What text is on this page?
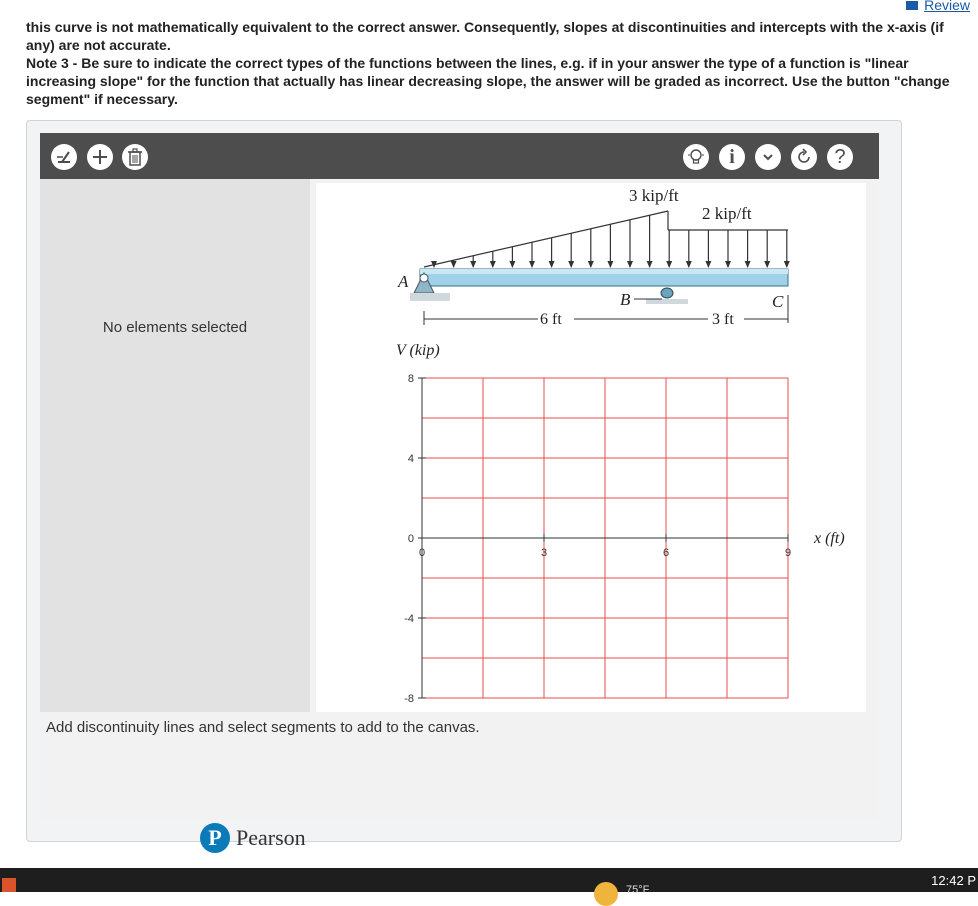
Review

this curve is not mathematically equivalent to the correct answer. Consequently, slopes at discontinuities and intercepts with the x-axis (if any) are not accurate.

Note 3 - Be sure to indicate the correct types of the functions between the lines, e.g. if in your answer the type of a function is "linear increasing slope" for the function that actually has linear decreasing slope, the answer will be graded as incorrect. Use the button "change segment" if necessary.

i	?
No elements selected
3 kip/ft
2 kip/ft
A
B	C
6 ft	3 ft
V (kip)
x (ft)
8
4
0
-4
-8
0	3	6	9
Add discontinuity lines and select segments to add to the canvas.
P Pearson
75°F
12:42 P
